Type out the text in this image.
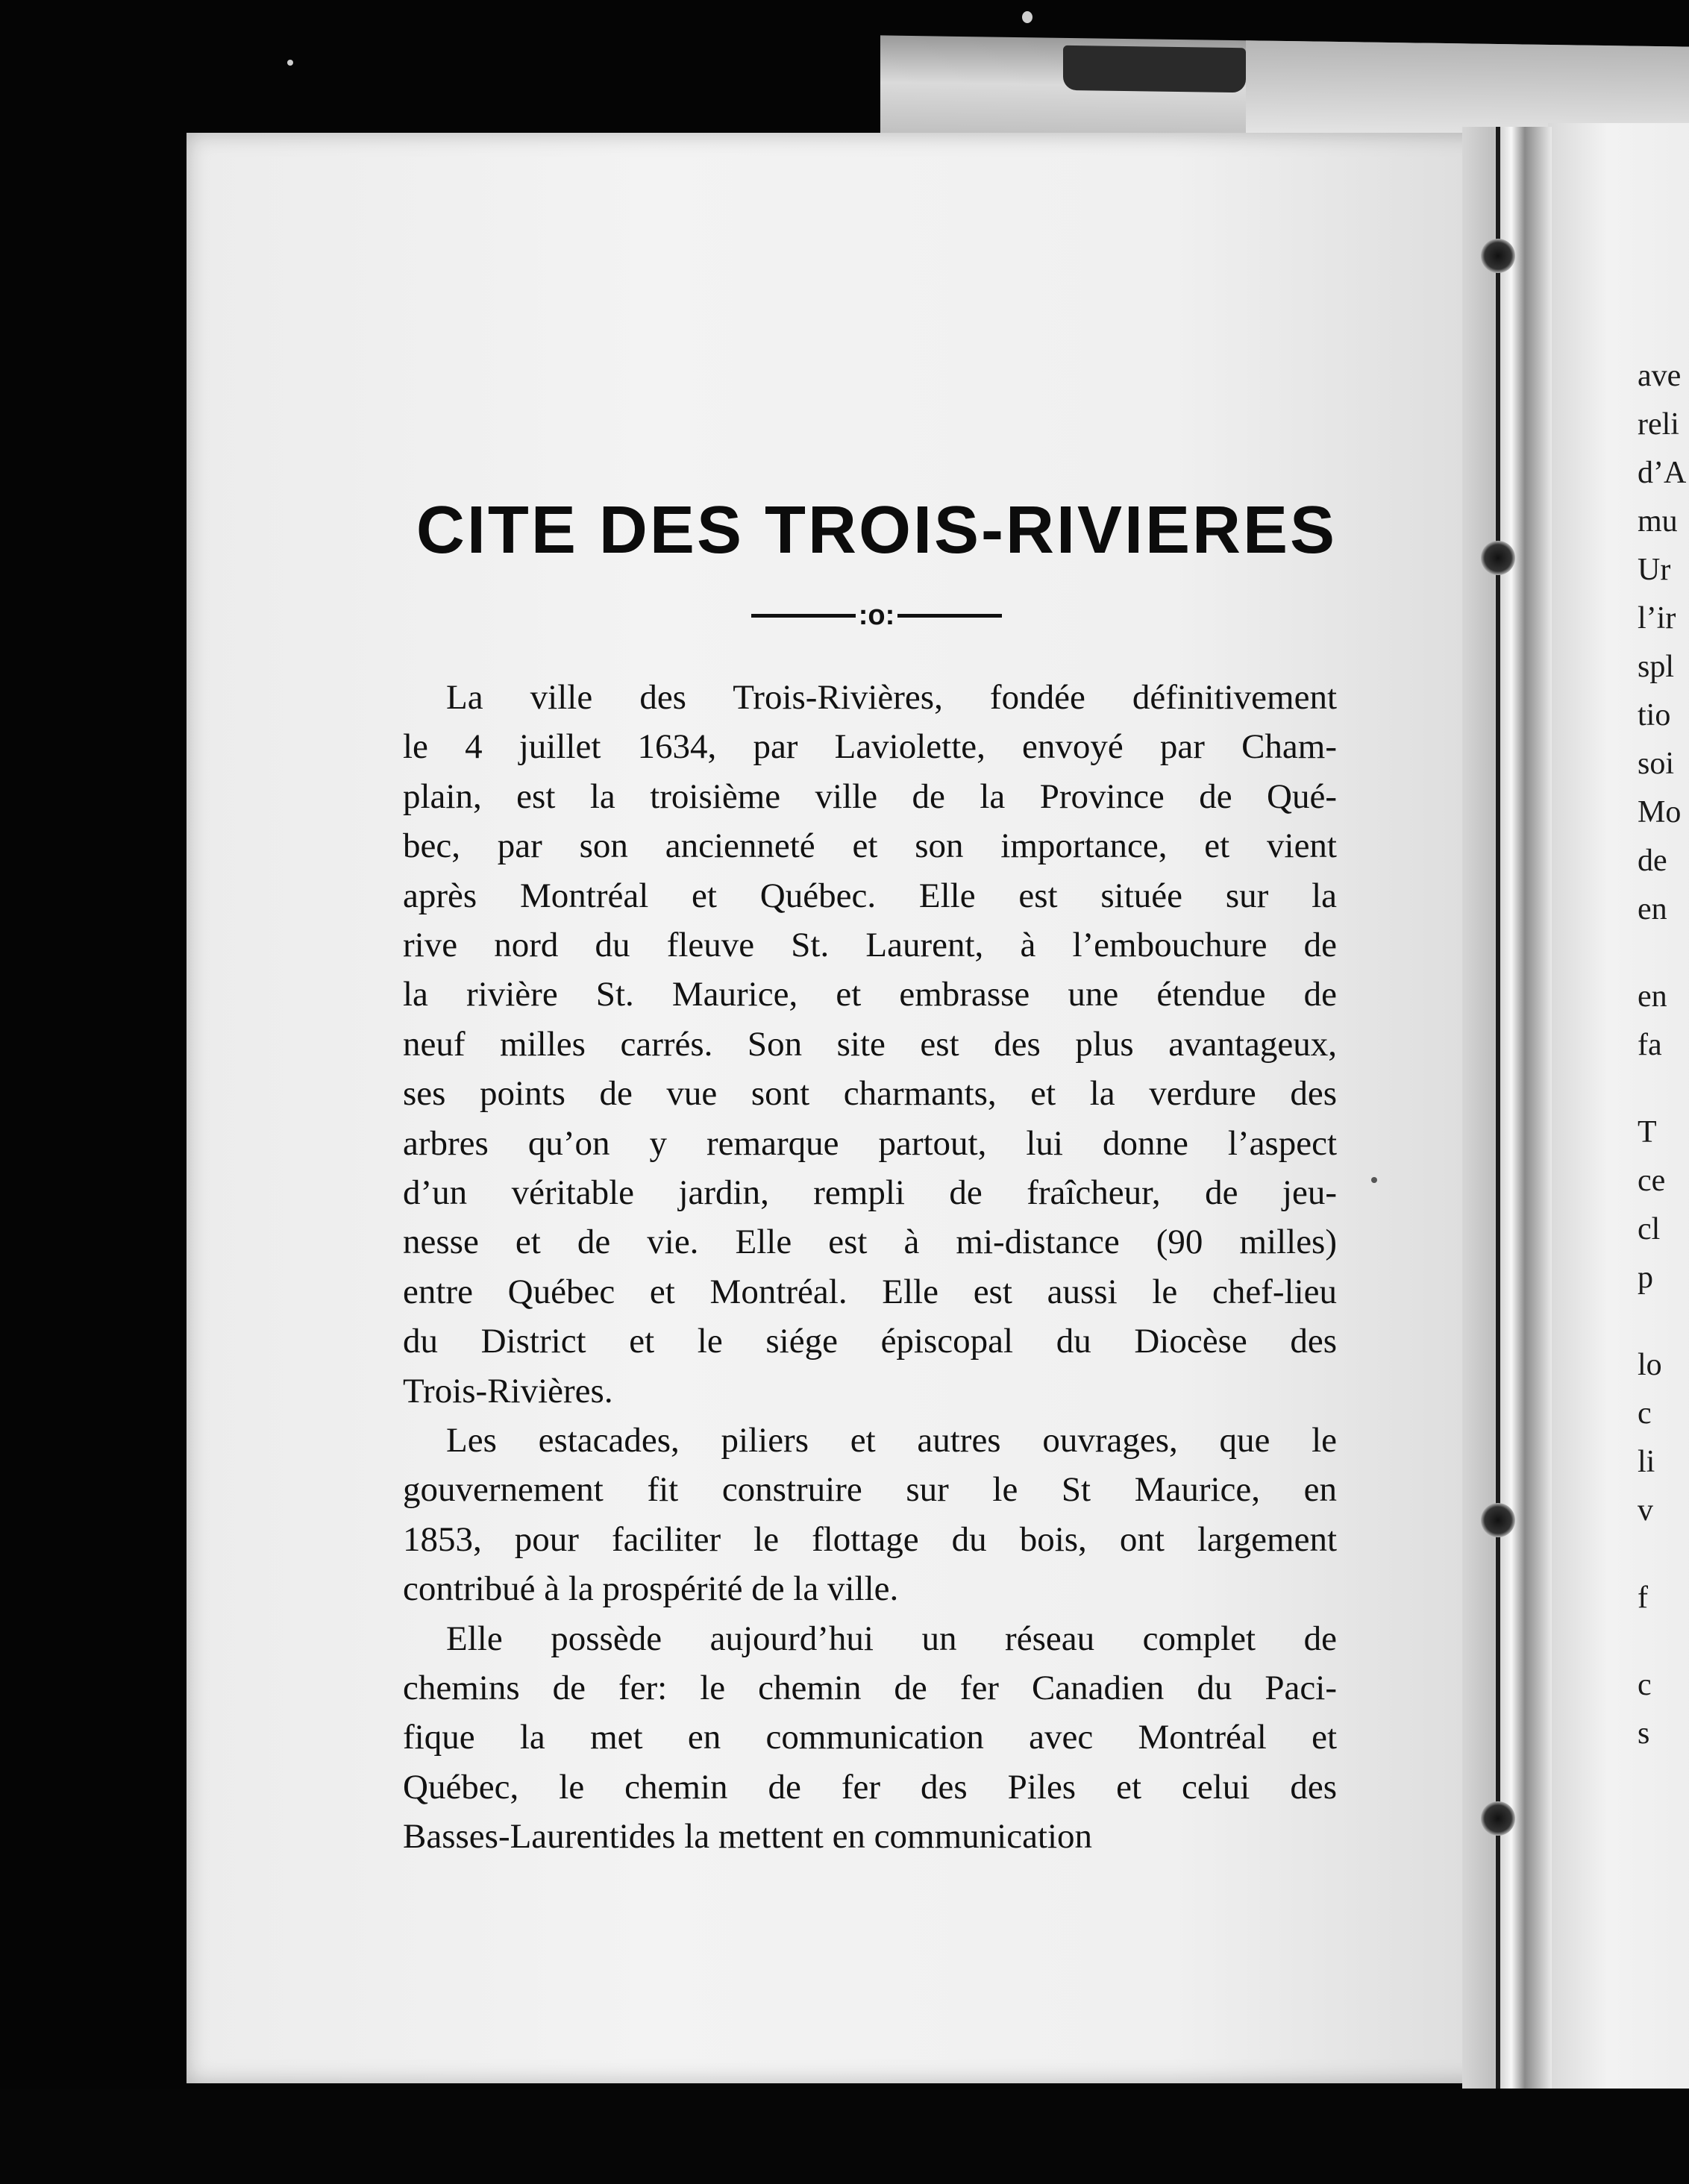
CITE DES TROIS-RIVIERES
:o:
La ville des Trois-Rivières, fondée définitivement
le 4 juillet 1634, par Laviolette, envoyé par Cham-
plain, est la troisième ville de la Province de Qué-
bec, par son ancienneté et son importance, et vient
après Montréal et Québec. Elle est située sur la
rive nord du fleuve St. Laurent, à l’embouchure de
la rivière St. Maurice, et embrasse une étendue de
neuf milles carrés. Son site est des plus avantageux,
ses points de vue sont charmants, et la verdure des
arbres qu’on y remarque partout, lui donne l’aspect
d’un véritable jardin, rempli de fraîcheur, de jeu-
nesse et de vie. Elle est à mi-distance (90 milles)
entre Québec et Montréal. Elle est aussi le chef-lieu
du District et le siége épiscopal du Diocèse des
Trois-Rivières.
Les estacades, piliers et autres ouvrages, que le
gouvernement fit construire sur le St Maurice, en
1853, pour faciliter le flottage du bois, ont largement
contribué à la prospérité de la ville.
Elle possède aujourd’hui un réseau complet de
chemins de fer: le chemin de fer Canadien du Paci-
fique la met en communication avec Montréal et
Québec, le chemin de fer des Piles et celui des
Basses-Laurentides la mettent en communication
ave
reli
d’A
mu
Ur
l’ir
spl
tio
soi
Mo
de
en
en
fa
T
ce
cl
p
lo
c
li
v
f
c
s
